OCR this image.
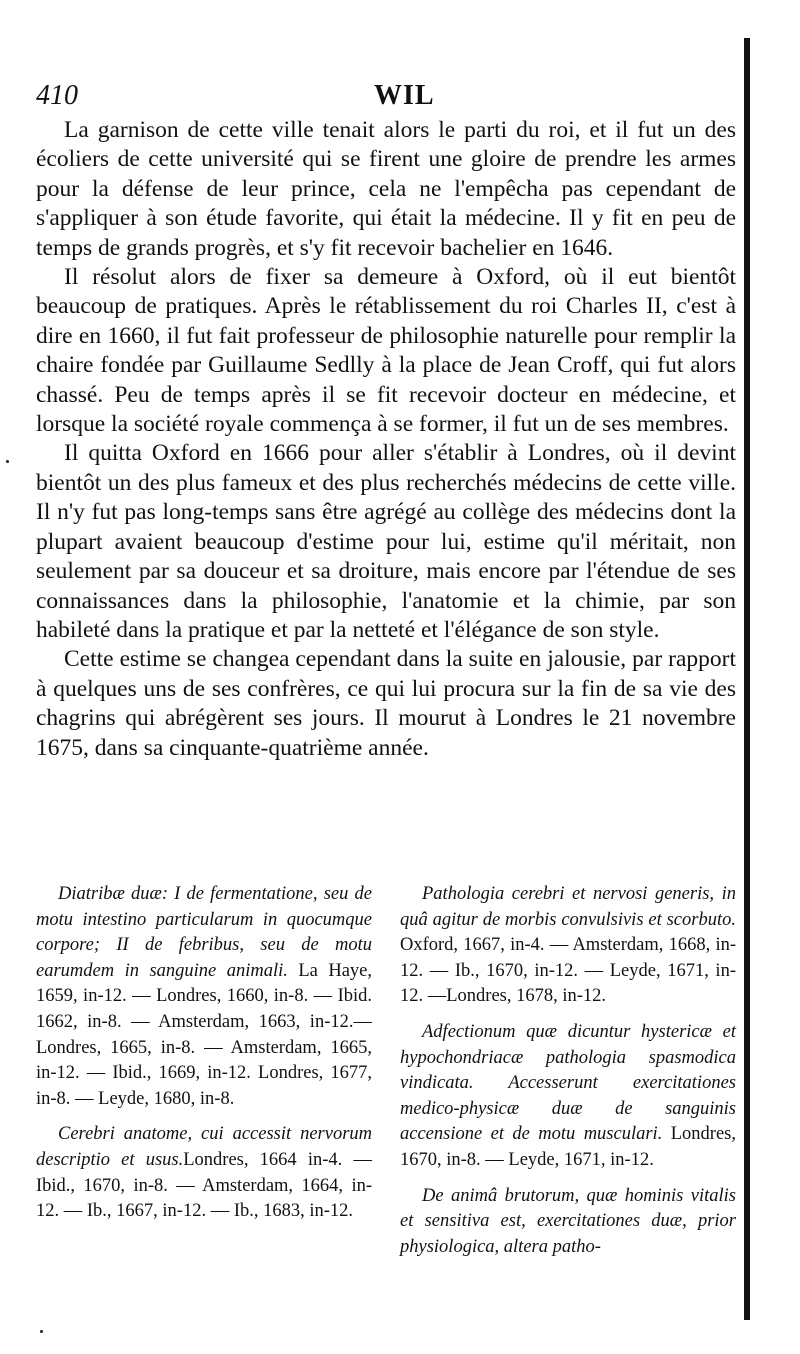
410	WIL

La garnison de cette ville tenait alors le parti du roi, et il fut un des écoliers de cette université qui se firent une gloire de prendre les armes pour la défense de leur prince, cela ne l'empêcha pas cependant de s'appliquer à son étude favorite, qui était la médecine. Il y fit en peu de temps de grands progrès, et s'y fit recevoir bachelier en 1646.

Il résolut alors de fixer sa demeure à Oxford, où il eut bientôt beaucoup de pratiques. Après le rétablissement du roi Charles II, c'est à dire en 1660, il fut fait professeur de philosophie naturelle pour remplir la chaire fondée par Guillaume Sedlly à la place de Jean Croff, qui fut alors chassé. Peu de temps après il se fit recevoir docteur en médecine, et lorsque la société royale commença à se former, il fut un de ses membres.

Il quitta Oxford en 1666 pour aller s'établir à Londres, où il devint bientôt un des plus fameux et des plus recherchés médecins de cette ville. Il n'y fut pas long-temps sans être agrégé au collège des médecins dont la plupart avaient beaucoup d'estime pour lui, estime qu'il méritait, non seulement par sa douceur et sa droiture, mais encore par l'étendue de ses connaissances dans la philosophie, l'anatomie et la chimie, par son habileté dans la pratique et par la netteté et l'élégance de son style.

Cette estime se changea cependant dans la suite en jalousie, par rapport à quelques uns de ses confrères, ce qui lui procura sur la fin de sa vie des chagrins qui abrégèrent ses jours. Il mourut à Londres le 21 novembre 1675, dans sa cinquante-quatrième année.

Diatribæ duæ: I de fermentatione, seu de motu intestino particularum in quocumque corpore; II de febribus, seu de motu earumdem in sanguine animali. La Haye, 1659, in-12. — Londres, 1660, in-8. — Ibid. 1662, in-8. — Amsterdam, 1663, in-12.— Londres, 1665, in-8. — Amsterdam, 1665, in-12. — Ibid., 1669, in-12. Londres, 1677, in-8. — Leyde, 1680, in-8.

Cerebri anatome, cui accessit nervorum descriptio et usus.Londres, 1664 in-4. — Ibid., 1670, in-8. — Amsterdam, 1664, in-12. — Ib., 1667, in-12. — Ib., 1683, in-12.

Pathologia cerebri et nervosi generis, in quâ agitur de morbis convulsivis et scorbuto. Oxford, 1667, in-4. — Amsterdam, 1668, in-12. — Ib., 1670, in-12. — Leyde, 1671, in-12. —Londres, 1678, in-12.

Adfectionum quæ dicuntur hystericæ et hypochondriacæ pathologia spasmodica vindicata. Accesserunt exercitationes medico-physicæ duæ de sanguinis accensione et de motu musculari. Londres, 1670, in-8. — Leyde, 1671, in-12.

De animâ brutorum, quæ hominis vitalis et sensitiva est, exercitationes duæ, prior physiologica, altera patho-
